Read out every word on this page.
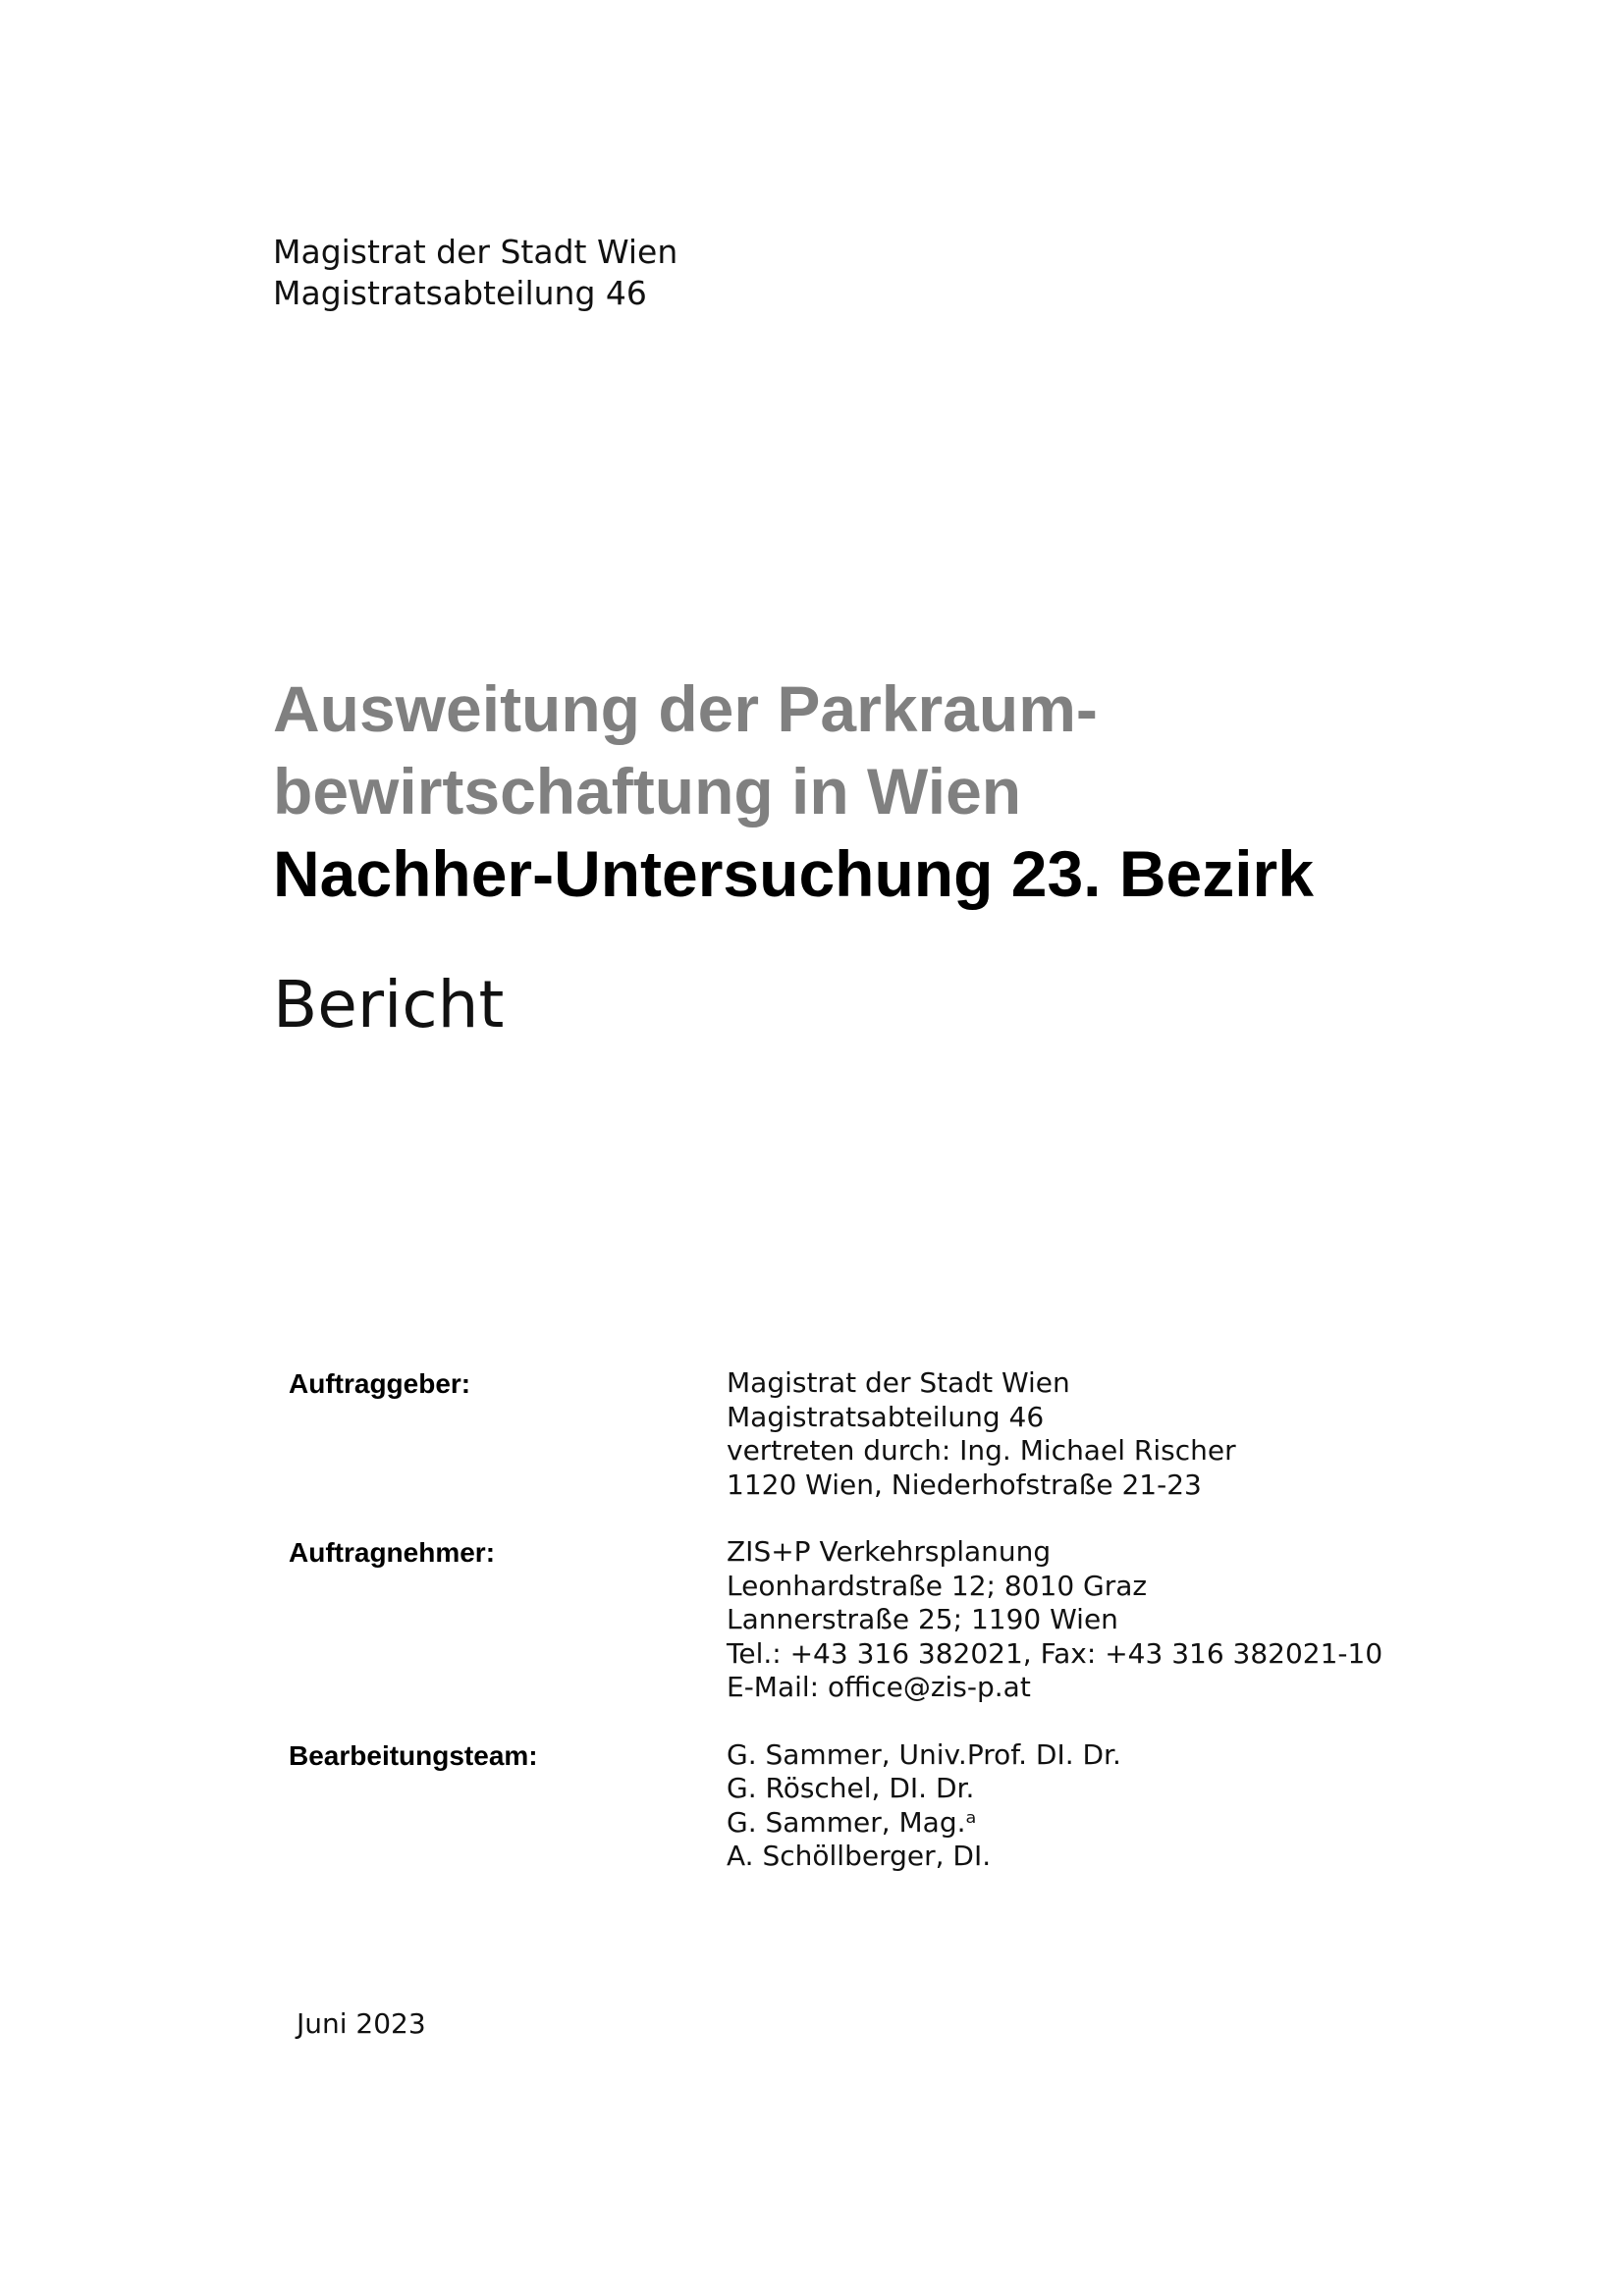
Magistrat der Stadt Wien
Magistratsabteilung 46
Ausweitung der Parkraum-
bewirtschaftung in Wien
Nachher-Untersuchung 23. Bezirk
Bericht
Auftraggeber:	Magistrat der Stadt Wien
Magistratsabteilung 46
vertreten durch: Ing. Michael Rischer
1120 Wien, Niederhofstraße 21-23
Auftragnehmer:	ZIS+P Verkehrsplanung
Leonhardstraße 12; 8010 Graz
Lannerstraße 25; 1190 Wien
Tel.: +43 316 382021, Fax: +43 316 382021-10
E-Mail: office@zis-p.at
Bearbeitungsteam:	G. Sammer, Univ.Prof. DI. Dr.
G. Röschel, DI. Dr.
G. Sammer, Mag.ᵃ
A. Schöllberger, DI.
Juni 2023
